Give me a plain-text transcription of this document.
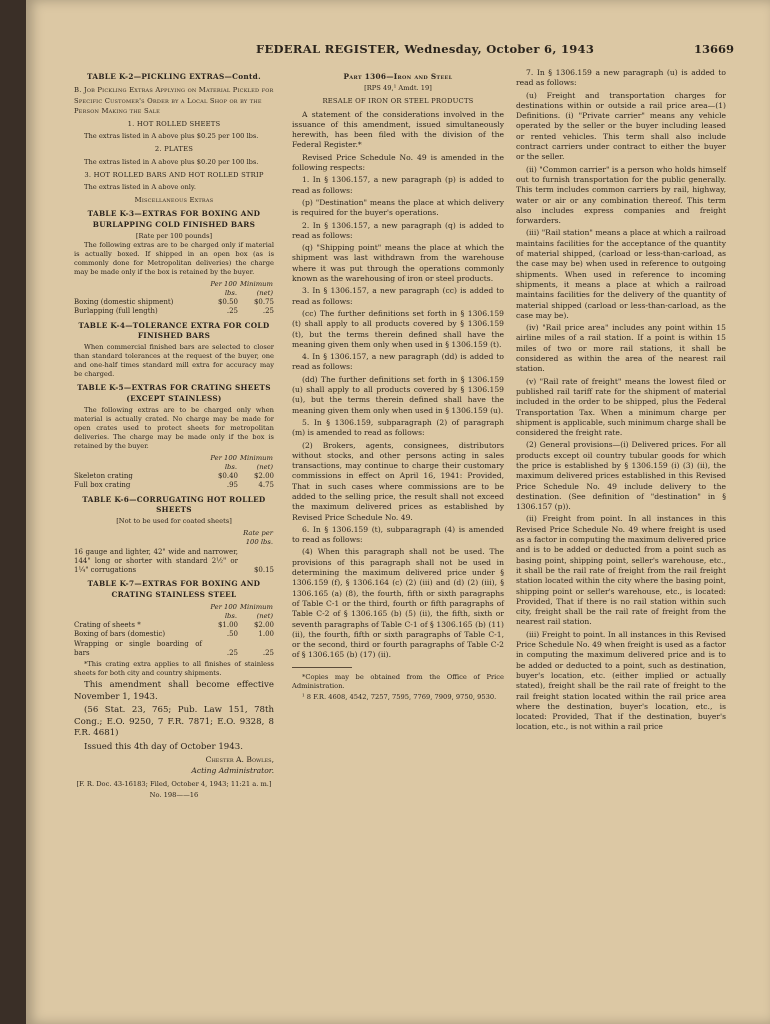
FEDERAL REGISTER, Wednesday, October 6, 1943	13669
TABLE K-2—PICKLING EXTRAS—Contd.

B. Job Pickling Extras Applying on Material Pickled for Specific Customer's Order by a Local Shop or by the Person Making the Sale

1. HOT ROLLED SHEETS

The extras listed in A above plus $0.25 per 100 lbs.

2. PLATES

The extras listed in A above plus $0.20 per 100 lbs.

3. HOT ROLLED BARS AND HOT ROLLED STRIP

The extras listed in A above only.

Miscellaneous Extras
TABLE K-3—EXTRAS FOR BOXING AND BURLAPPING COLD FINISHED BARS
[Rate per 100 pounds]

The following extras are to be charged only if material is actually boxed. If shipped in an open box (as is commonly done for Metropolitan deliveries) the charge may be made only if the box is retained by the buyer.

	Per 100 lbs.	Minimum (net)
Boxing (domestic shipment)	$0.50	$0.75
Burlapping (full length)	.25	.25
TABLE K-4—TOLERANCE EXTRA FOR COLD FINISHED BARS

When commercial finished bars are selected to closer than standard tolerances at the request of the buyer, one and one-half times standard mill extra for accuracy may be charged.

TABLE K-5—EXTRAS FOR CRATING SHEETS (EXCEPT STAINLESS)

The following extras are to be charged only when material is actually crated. No charge may be made for open crates used to protect sheets for metropolitan deliveries. The charge may be made only if the box is retained by the buyer.

	Per 100 lbs.	Minimum (net)
Skeleton crating	$0.40	$2.00
Full box crating	.95	4.75
TABLE K-6—CORRUGATING HOT ROLLED SHEETS
[Not to be used for coated sheets]
	Rate per 100 lbs.
16 gauge and lighter, 42" wide and narrower, 144" long or shorter with standard 2½" or 1¼" corrugations	$0.15
TABLE K-7—EXTRAS FOR BOXING AND CRATING STAINLESS STEEL
	Per 100 lbs.	Minimum (net)
Crating of sheets *	$1.00	$2.00
Boxing of bars (domestic)	.50	1.00
Wrapping or single boarding of bars	.25	.25

*This crating extra applies to all finishes of stainless sheets for both city and country shipments.

This amendment shall become effective November 1, 1943.

(56 Stat. 23, 765; Pub. Law 151, 78th Cong.; E.O. 9250, 7 F.R. 7871; E.O. 9328, 8 F.R. 4681)

Issued this 4th day of October 1943.

Chester A. Bowles,
Acting Administrator.

[F. R. Doc. 43-16183; Filed, October 4, 1943; 11:21 a. m.]

No. 198——16
Part 1306—Iron and Steel
[RPS 49,¹ Amdt. 19]
RESALE OF IRON OR STEEL PRODUCTS

A statement of the considerations involved in the issuance of this amendment, issued simultaneously herewith, has been filed with the division of the Federal Register.*

Revised Price Schedule No. 49 is amended in the following respects:

1. In § 1306.157, a new paragraph (p) is added to read as follows:

(p) "Destination" means the place at which delivery is required for the buyer's operations.

2. In § 1306.157, a new paragraph (q) is added to read as follows:

(q) "Shipping point" means the place at which the shipment was last withdrawn from the warehouse where it was put through the operations commonly known as the warehousing of iron or steel products.

3. In § 1306.157, a new paragraph (cc) is added to read as follows:

(cc) The further definitions set forth in § 1306.159 (t) shall apply to all products covered by § 1306.159 (t), but the terms therein defined shall have the meaning given them only when used in § 1306.159 (t).

4. In § 1306.157, a new paragraph (dd) is added to read as follows:

(dd) The further definitions set forth in § 1306.159 (u) shall apply to all products covered by § 1306.159 (u), but the terms therein defined shall have the meaning given them only when used in § 1306.159 (u).

5. In § 1306.159, subparagraph (2) of paragraph (m) is amended to read as follows:

(2) Brokers, agents, consignees, distributors without stocks, and other persons acting in sales transactions, may continue to charge their customary commissions in effect on April 16, 1941: Provided, That in such cases where commissions are to be added to the selling price, the result shall not exceed the maximum delivered prices as established by Revised Price Schedule No. 49.

6. In § 1306.159 (t), subparagraph (4) is amended to read as follows:

(4) When this paragraph shall not be used. The provisions of this paragraph shall not be used in determining the maximum delivered price under § 1306.159 (f), § 1306.164 (c) (2) (iii) and (d) (2) (iii), § 1306.165 (a) (8), the fourth, fifth or sixth paragraphs of Table C-1 or the third, fourth or fifth paragraphs of Table C-2 of § 1306.165 (b) (5) (ii), the fifth, sixth or seventh paragraphs of Table C-1 of § 1306.165 (b) (11) (ii), the fourth, fifth or sixth paragraphs of Table C-1, or the second, third or fourth paragraphs of Table C-2 of § 1306.165 (b) (17) (ii).

*Copies may be obtained from the Office of Price Administration.

¹ 8 F.R. 4608, 4542, 7257, 7595, 7769, 7909, 9750, 9530.

7. In § 1306.159 a new paragraph (u) is added to read as follows:

(u) Freight and transportation charges for destinations within or outside a rail price area—(1) Definitions. (i) "Private carrier" means any vehicle operated by the seller or the buyer including leased or rented vehicles. This term shall also include contract carriers under contract to either the buyer or the seller.

(ii) "Common carrier" is a person who holds himself out to furnish transportation for the public generally. This term includes common carriers by rail, highway, water or air or any combination thereof. This term also includes express companies and freight forwarders.

(iii) "Rail station" means a place at which a railroad maintains facilities for the acceptance of the quantity of material shipped, (carload or less-than-carload, as the case may be) when used in reference to outgoing shipments. When used in reference to incoming shipments, it means a place at which a railroad maintains facilities for the delivery of the quantity of material shipped (carload or less-than-carload, as the case may be).

(iv) "Rail price area" includes any point within 15 airline miles of a rail station. If a point is within 15 miles of two or more rail stations, it shall be considered as within the area of the nearest rail station.

(v) "Rail rate of freight" means the lowest filed or published rail tariff rate for the shipment of material included in the order to be shipped, plus the Federal Transportation Tax. When a minimum charge per shipment is applicable, such minimum charge shall be considered the freight rate.

(2) General provisions—(i) Delivered prices. For all products except oil country tubular goods for which the price is established by § 1306.159 (i) (3) (ii), the maximum delivered prices established in this Revised Price Schedule No. 49 include delivery to the destination. (See definition of "destination" in § 1306.157 (p)).

(ii) Freight from point. In all instances in this Revised Price Schedule No. 49 where freight is used as a factor in computing the maximum delivered price and is to be added or deducted from a point such as basing point, shipping point, seller's warehouse, etc., it shall be the rail rate of freight from the rail freight station located within the city where the basing point, shipping point or seller's warehouse, etc., is located: Provided, That if there is no rail station within such city, freight shall be the rail rate of freight from the nearest rail station.

(iii) Freight to point. In all instances in this Revised Price Schedule No. 49 when freight is used as a factor in computing the maximum delivered price and is to be added or deducted to a point, such as destination, buyer's location, etc. (either implied or actually stated), freight shall be the rail rate of freight to the rail freight station located within the rail price area where the destination, buyer's location, etc., is located: Provided, That if the destination, buyer's location, etc., is not within a rail price
